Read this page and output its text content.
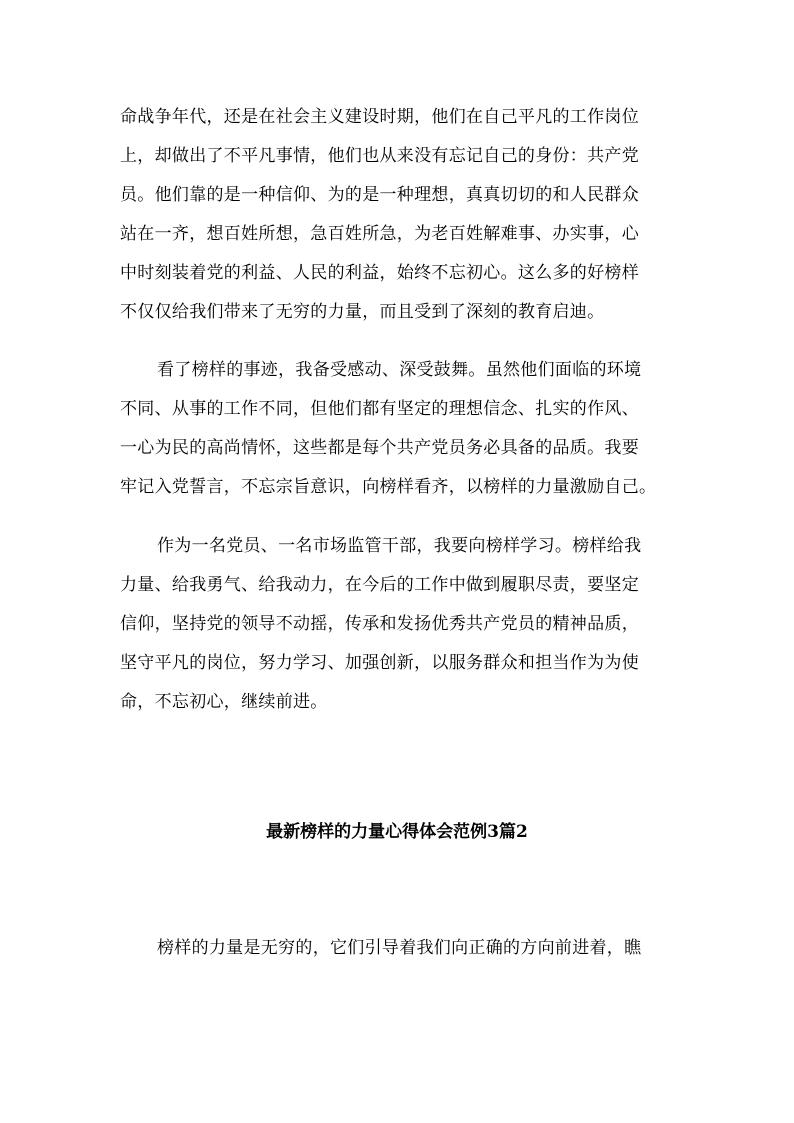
命战争年代，还是在社会主义建设时期，他们在自己平凡的工作岗位
上，却做出了不平凡事情，他们也从来没有忘记自己的身份：共产党
员。他们靠的是一种信仰、为的是一种理想，真真切切的和人民群众
站在一齐，想百姓所想，急百姓所急，为老百姓解难事、办实事，心
中时刻装着党的利益、人民的利益，始终不忘初心。这么多的好榜样
不仅仅给我们带来了无穷的力量，而且受到了深刻的教育启迪。
看了榜样的事迹，我备受感动、深受鼓舞。虽然他们面临的环境
不同、从事的工作不同，但他们都有坚定的理想信念、扎实的作风、
一心为民的高尚情怀，这些都是每个共产党员务必具备的品质。我要
牢记入党誓言，不忘宗旨意识，向榜样看齐，以榜样的力量激励自己。
作为一名党员、一名市场监管干部，我要向榜样学习。榜样给我
力量、给我勇气、给我动力，在今后的工作中做到履职尽责，要坚定
信仰，坚持党的领导不动摇，传承和发扬优秀共产党员的精神品质，
坚守平凡的岗位，努力学习、加强创新，以服务群众和担当作为为使
命，不忘初心，继续前进。
最新榜样的力量心得体会范例3篇2
榜样的力量是无穷的，它们引导着我们向正确的方向前进着，瞧
